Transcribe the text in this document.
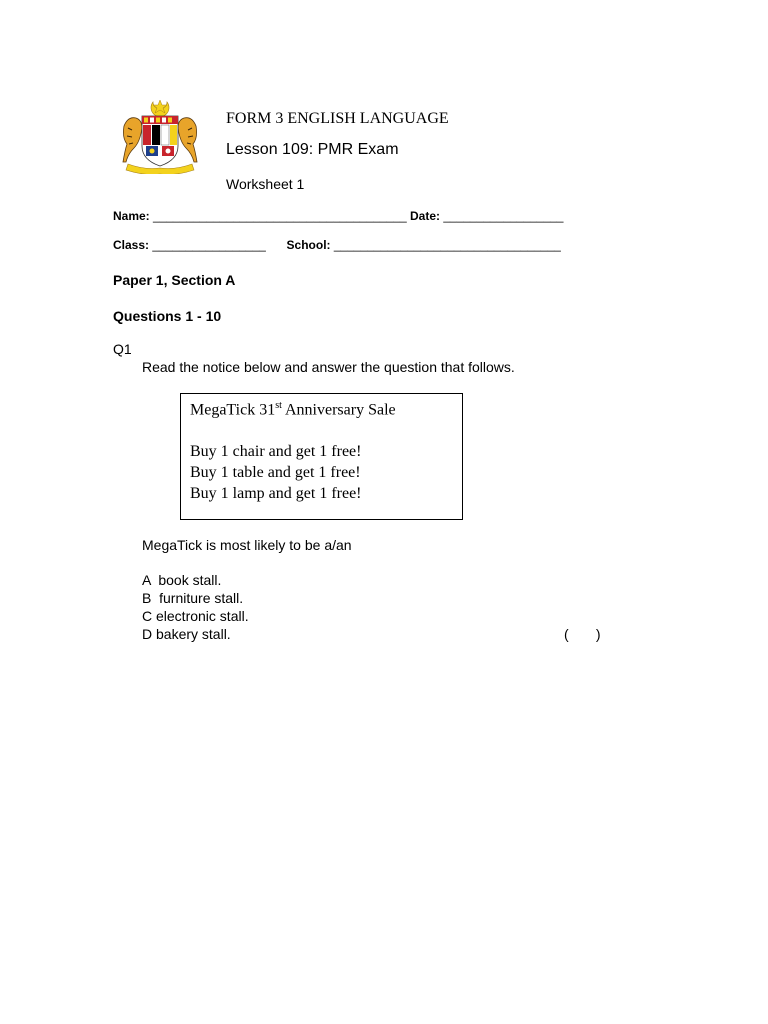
FORM 3 ENGLISH LANGUAGE
Lesson 109: PMR Exam
Worksheet 1
Name: ______________________________________ Date: __________________
Class: _________________ School: __________________________________
Paper 1, Section A
Questions 1 - 10
Q1
Read the notice below and answer the question that follows.
MegaTick 31st Anniversary Sale
Buy 1 chair and get 1 free!
Buy 1 table and get 1 free!
Buy 1 lamp and get 1 free!
MegaTick is most likely to be a/an
A  book stall.
B  furniture stall.
C electronic stall.
D bakery stall.	(       )
